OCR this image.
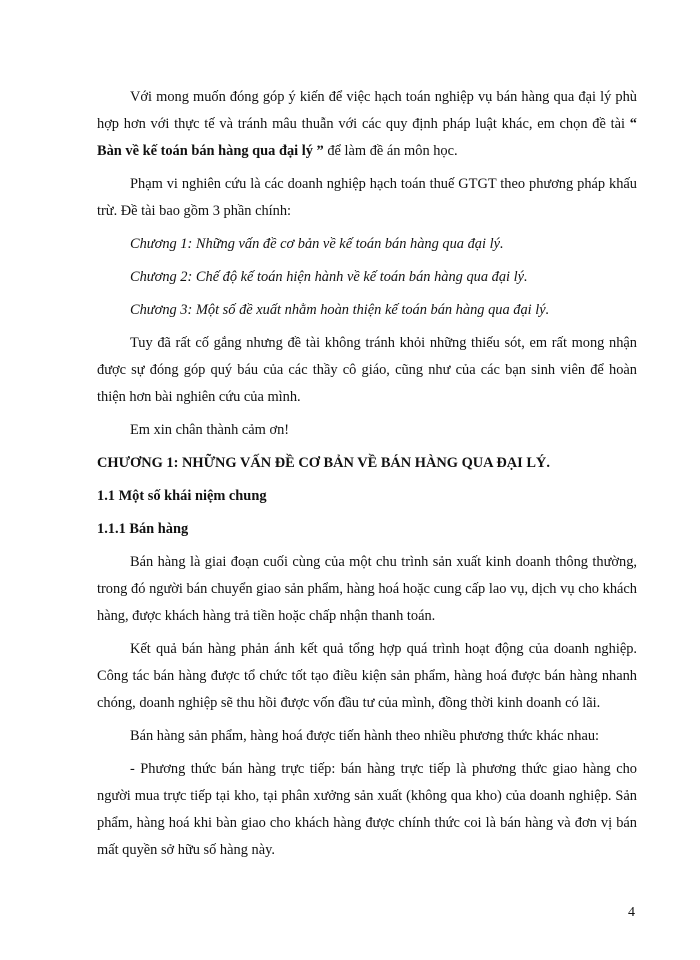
Với mong muốn đóng góp ý kiến để việc hạch toán nghiệp vụ bán hàng qua đại lý phù hợp hơn với thực tế và tránh mâu thuẫn với các quy định pháp luật khác, em chọn đề tài “ Bàn về kế toán bán hàng qua đại lý ” để làm đề án môn học.

Phạm vi nghiên cứu là các doanh nghiệp hạch toán thuế GTGT theo phương pháp khấu trừ. Đề tài bao gồm 3 phần chính:

Chương 1: Những vấn đề cơ bản về kế toán bán hàng qua đại lý.
Chương 2: Chế độ kế toán hiện hành về kế toán bán hàng qua đại lý.
Chương 3: Một số đề xuất nhằm hoàn thiện kế toán bán hàng qua đại lý.

Tuy đã rất cố gắng nhưng đề tài không tránh khỏi những thiếu sót, em rất mong nhận được sự đóng góp quý báu của các thầy cô giáo, cũng như của các bạn sinh viên để hoàn thiện hơn bài nghiên cứu của mình.

Em xin chân thành cảm ơn!

CHƯƠNG 1: NHỮNG VẤN ĐỀ CƠ BẢN VỀ BÁN HÀNG QUA ĐẠI LÝ.

1.1 Một số khái niệm chung

1.1.1 Bán hàng

Bán hàng là giai đoạn cuối cùng của một chu trình sản xuất kinh doanh thông thường, trong đó người bán chuyển giao sản phẩm, hàng hoá hoặc cung cấp lao vụ, dịch vụ cho khách hàng, được khách hàng trả tiền hoặc chấp nhận thanh toán.

Kết quả bán hàng phản ánh kết quả tổng hợp quá trình hoạt động của doanh nghiệp. Công tác bán hàng được tổ chức tốt tạo điều kiện sản phẩm, hàng hoá được bán hàng nhanh chóng, doanh nghiệp sẽ thu hồi được vốn đầu tư của mình, đồng thời kinh doanh có lãi.

Bán hàng sản phẩm, hàng hoá được tiến hành theo nhiều phương thức khác nhau:

- Phương thức bán hàng trực tiếp: bán hàng trực tiếp là phương thức giao hàng cho người mua trực tiếp tại kho, tại phân xưởng sản xuất (không qua kho) của doanh nghiệp. Sản phẩm, hàng hoá khi bàn giao cho khách hàng được chính thức coi là bán hàng và đơn vị bán mất quyền sở hữu số hàng này.

4
